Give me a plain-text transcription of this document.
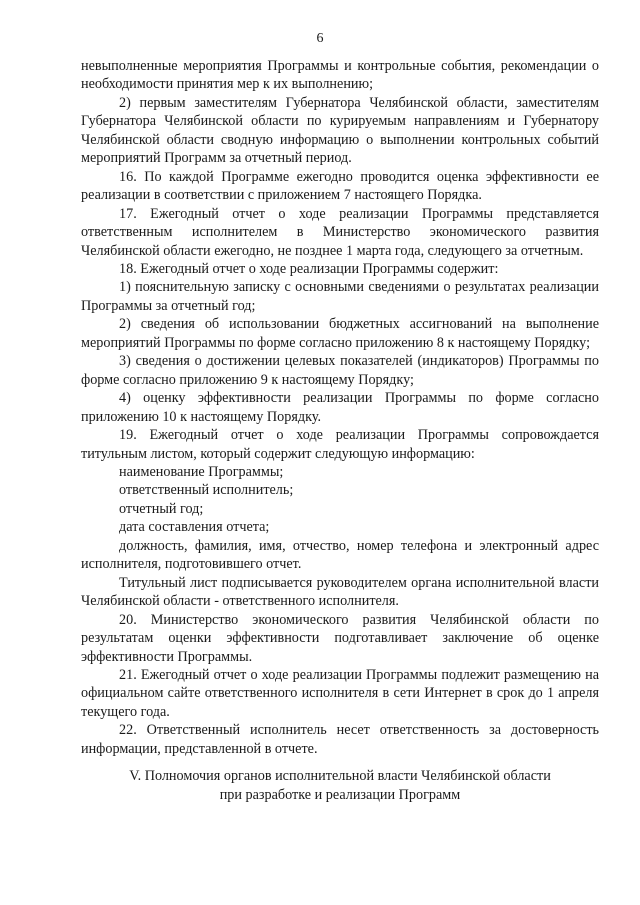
6

невыполненные мероприятия Программы и контрольные события, рекомендации о необходимости принятия мер к их выполнению;

2) первым заместителям Губернатора Челябинской области, заместителям Губернатора Челябинской области по курируемым направлениям и Губернатору Челябинской области сводную информацию о выполнении контрольных событий мероприятий Программ за отчетный период.

16. По каждой Программе ежегодно проводится оценка эффективности ее реализации в соответствии с приложением 7 настоящего Порядка.

17. Ежегодный отчет о ходе реализации Программы представляется ответственным исполнителем в Министерство экономического развития Челябинской области ежегодно, не позднее 1 марта года, следующего за отчетным.

18. Ежегодный отчет о ходе реализации Программы содержит:

1) пояснительную записку с основными сведениями о результатах реализации Программы за отчетный год;

2) сведения об использовании бюджетных ассигнований на выполнение мероприятий Программы по форме согласно приложению 8 к настоящему Порядку;

3) сведения о достижении целевых показателей (индикаторов) Программы по форме согласно приложению 9 к настоящему Порядку;

4) оценку эффективности реализации Программы по форме согласно приложению 10 к настоящему Порядку.

19. Ежегодный отчет о ходе реализации Программы сопровождается титульным листом, который содержит следующую информацию:

наименование Программы;

ответственный исполнитель;

отчетный год;

дата составления отчета;

должность, фамилия, имя, отчество, номер телефона и электронный адрес исполнителя, подготовившего отчет.

Титульный лист подписывается руководителем органа исполнительной власти Челябинской области - ответственного исполнителя.

20. Министерство экономического развития Челябинской области по результатам оценки эффективности подготавливает заключение об оценке эффективности Программы.

21. Ежегодный отчет о ходе реализации Программы подлежит размещению на официальном сайте ответственного исполнителя в сети Интернет в срок до 1 апреля текущего года.

22. Ответственный исполнитель несет ответственность за достоверность информации, представленной в отчете.

V. Полномочия органов исполнительной власти Челябинской области
при разработке и реализации Программ
